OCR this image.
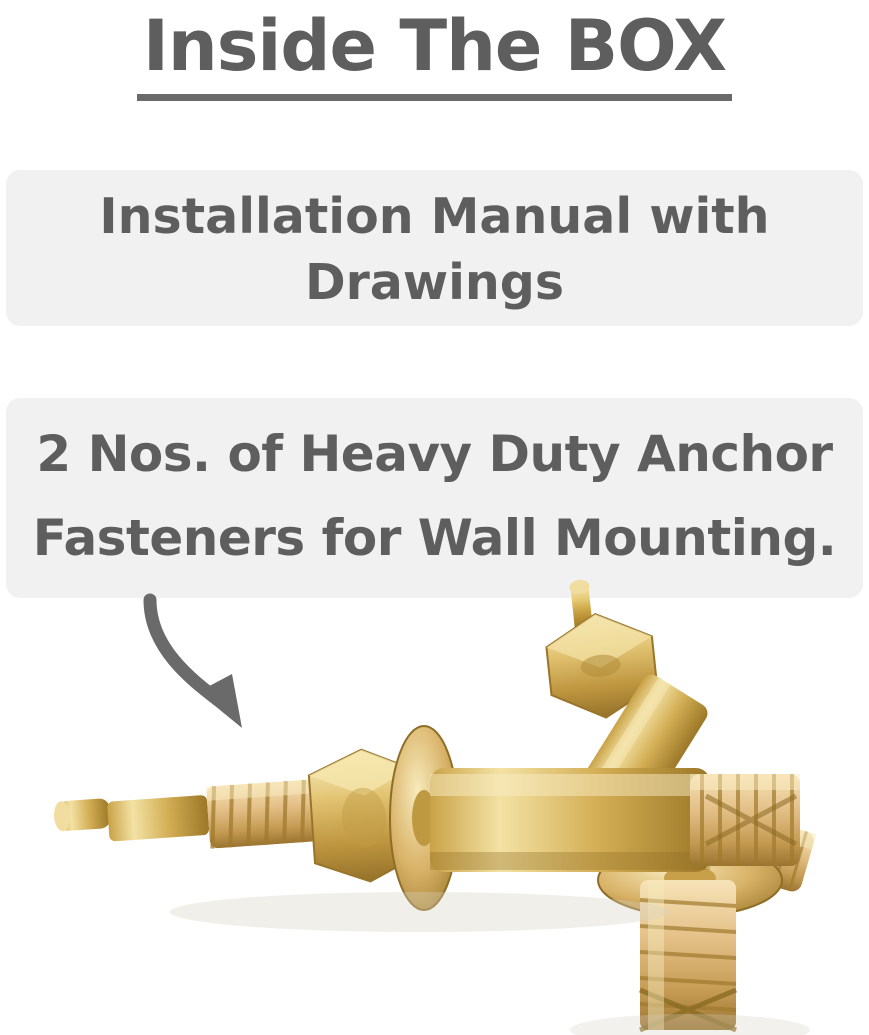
Inside The BOX
Installation Manual with Drawings
2 Nos. of Heavy Duty Anchor Fasteners for Wall Mounting.
